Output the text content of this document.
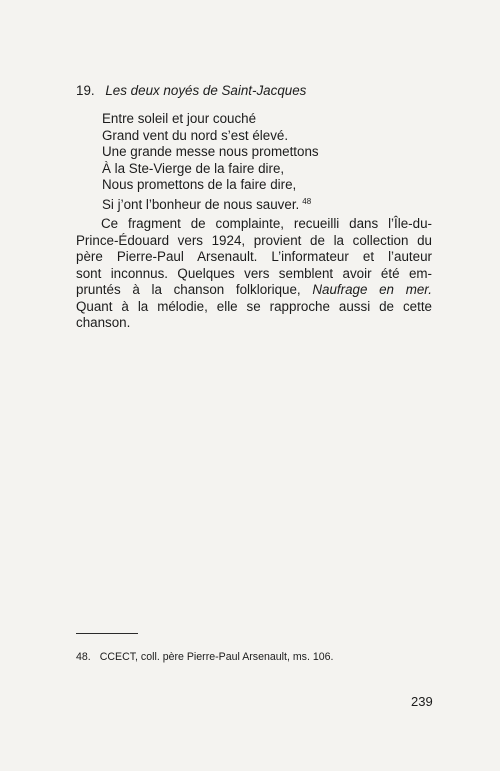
19. Les deux noyés de Saint-Jacques
Entre soleil et jour couché
Grand vent du nord s’est élevé.
Une grande messe nous promettons
À la Ste-Vierge de la faire dire,
Nous promettons de la faire dire,
Si j’ont l’bonheur de nous sauver. $^{48}$
Ce fragment de complainte, recueilli dans l’Île-du-
Prince-Édouard vers 1924, provient de la collection du
père Pierre-Paul Arsenault. L’informateur et l’auteur
sont inconnus. Quelques vers semblent avoir été em-
pruntés à la chanson folklorique, Naufrage en mer.
Quant à la mélodie, elle se rapproche aussi de cette
chanson.
48. CCECT, coll. père Pierre-Paul Arsenault, ms. 106.
239
